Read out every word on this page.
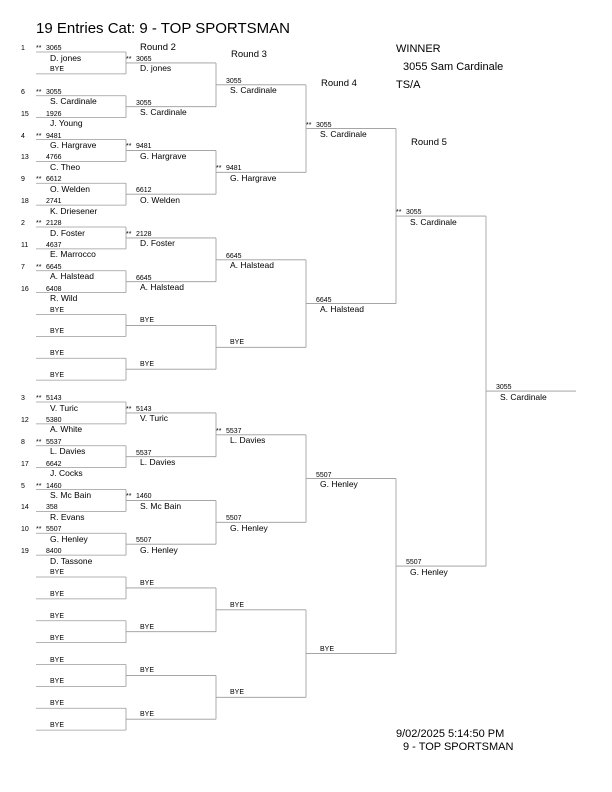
19 Entries Cat: 9 - TOP SPORTSMAN
Round 2
Round 3
Round 4
Round 5
WINNER
3055 Sam Cardinale
TS/A
9/02/2025 5:14:50 PM
9 - TOP SPORTSMAN
1 ** 3065
D. jones
BYE
6 ** 3055
S. Cardinale
15 1926
J. Young
4 ** 9481
G. Hargrave
13 4766
C. Theo
9 ** 6612
O. Welden
18 2741
K. Driesener
2 ** 2128
D. Foster
11	4637
E. Marrocco
7 ** 6645
A. Halstead
16 6408
R. Wild
BYE
BYE
BYE
BYE
3 ** 5143
V. Turic
12 5380
A. White
8 ** 5537
L. Davies
17 6642
J. Cocks
5 ** 1460
S. Mc Bain
14 358
R. Evans
10 ** 5507
G. Henley
19 8400
D. Tassone
BYE
BYE
BYE
BYE
BYE
BYE
BYE
BYE
** 3065
D. jones
3055
S. Cardinale
** 9481
G. Hargrave
6612
O. Welden
** 2128
D. Foster
6645
A. Halstead
BYE
BYE
** 5143
V. Turic
5537
L. Davies
** 1460
S. Mc Bain
5507
G. Henley
BYE
BYE
BYE
BYE
3055
S. Cardinale
** 9481
G. Hargrave
6645
A. Halstead
BYE
** 5537
L. Davies
5507
G. Henley
BYE
BYE
** 3055
S. Cardinale
6645
A. Halstead
5507
G. Henley
BYE
** 3055
S. Cardinale
5507
G. Henley
3055
S. Cardinale
